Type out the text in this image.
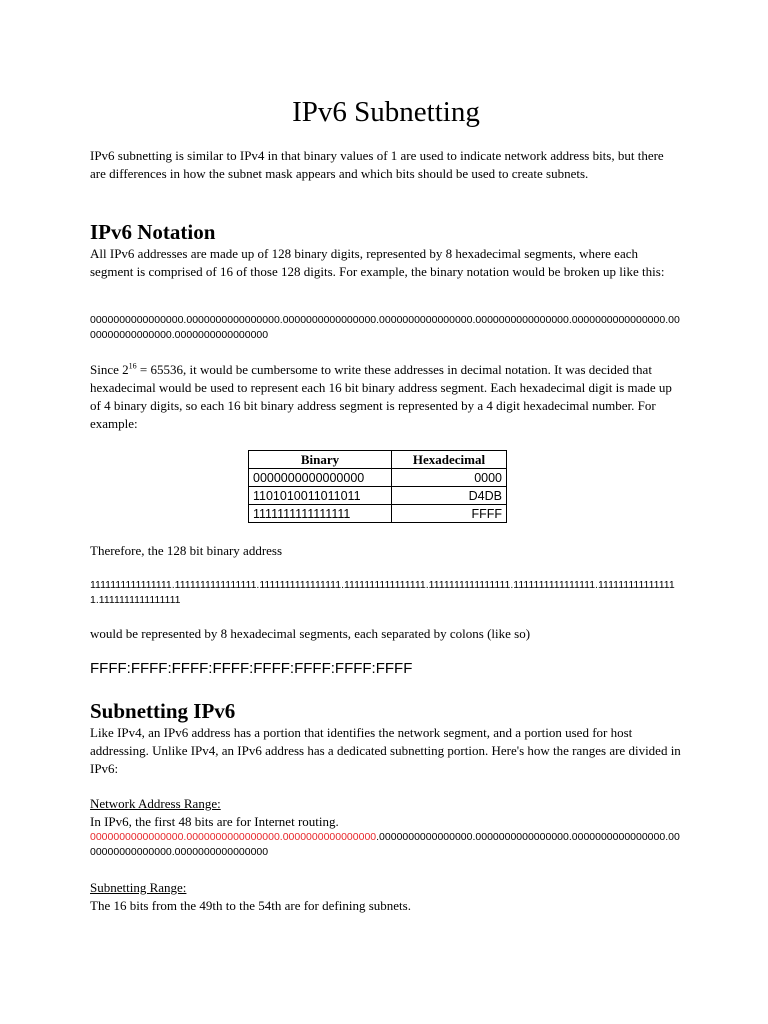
IPv6 Subnetting

IPv6 subnetting is similar to IPv4 in that binary values of 1 are used to indicate network address bits, but there are differences in how the subnet mask appears and which bits should be used to create subnets.

IPv6 Notation

All IPv6 addresses are made up of 128 binary digits, represented by 8 hexadecimal segments, where each segment is comprised of 16 of those 128 digits. For example, the binary notation would be broken up like this:

0000000000000000.0000000000000000.0000000000000000.0000000000000000.0000000000000000.0000000000000000.0000000000000000.0000000000000000

Since $2^{16} = 65536$, it would be cumbersome to write these addresses in decimal notation. It was decided that hexadecimal would be used to represent each 16 bit binary address segment. Each hexadecimal digit is made up of 4 binary digits, so each 16 bit binary address segment is represented by a 4 digit hexadecimal number. For example:

Binary	Hexadecimal
0000000000000000	0000
1101010011011011	D4DB
1111111111111111	FFFF

Therefore, the 128 bit binary address

1111111111111111.1111111111111111.1111111111111111.1111111111111111.1111111111111111.1111111111111111.1111111111111111.1111111111111111

would be represented by 8 hexadecimal segments, each separated by colons (like so)

FFFF:FFFF:FFFF:FFFF:FFFF:FFFF:FFFF:FFFF

Subnetting IPv6

Like IPv4, an IPv6 address has a portion that identifies the network segment, and a portion used for host addressing. Unlike IPv4, an IPv6 address has a dedicated subnetting portion. Here's how the ranges are divided in IPv6:

Network Address Range:

In IPv6, the first 48 bits are for Internet routing.

0000000000000000.0000000000000000.0000000000000000.0000000000000000.0000000000000000.0000000000000000.0000000000000000.0000000000000000

Subnetting Range:

The 16 bits from the 49th to the 54th are for defining subnets.
